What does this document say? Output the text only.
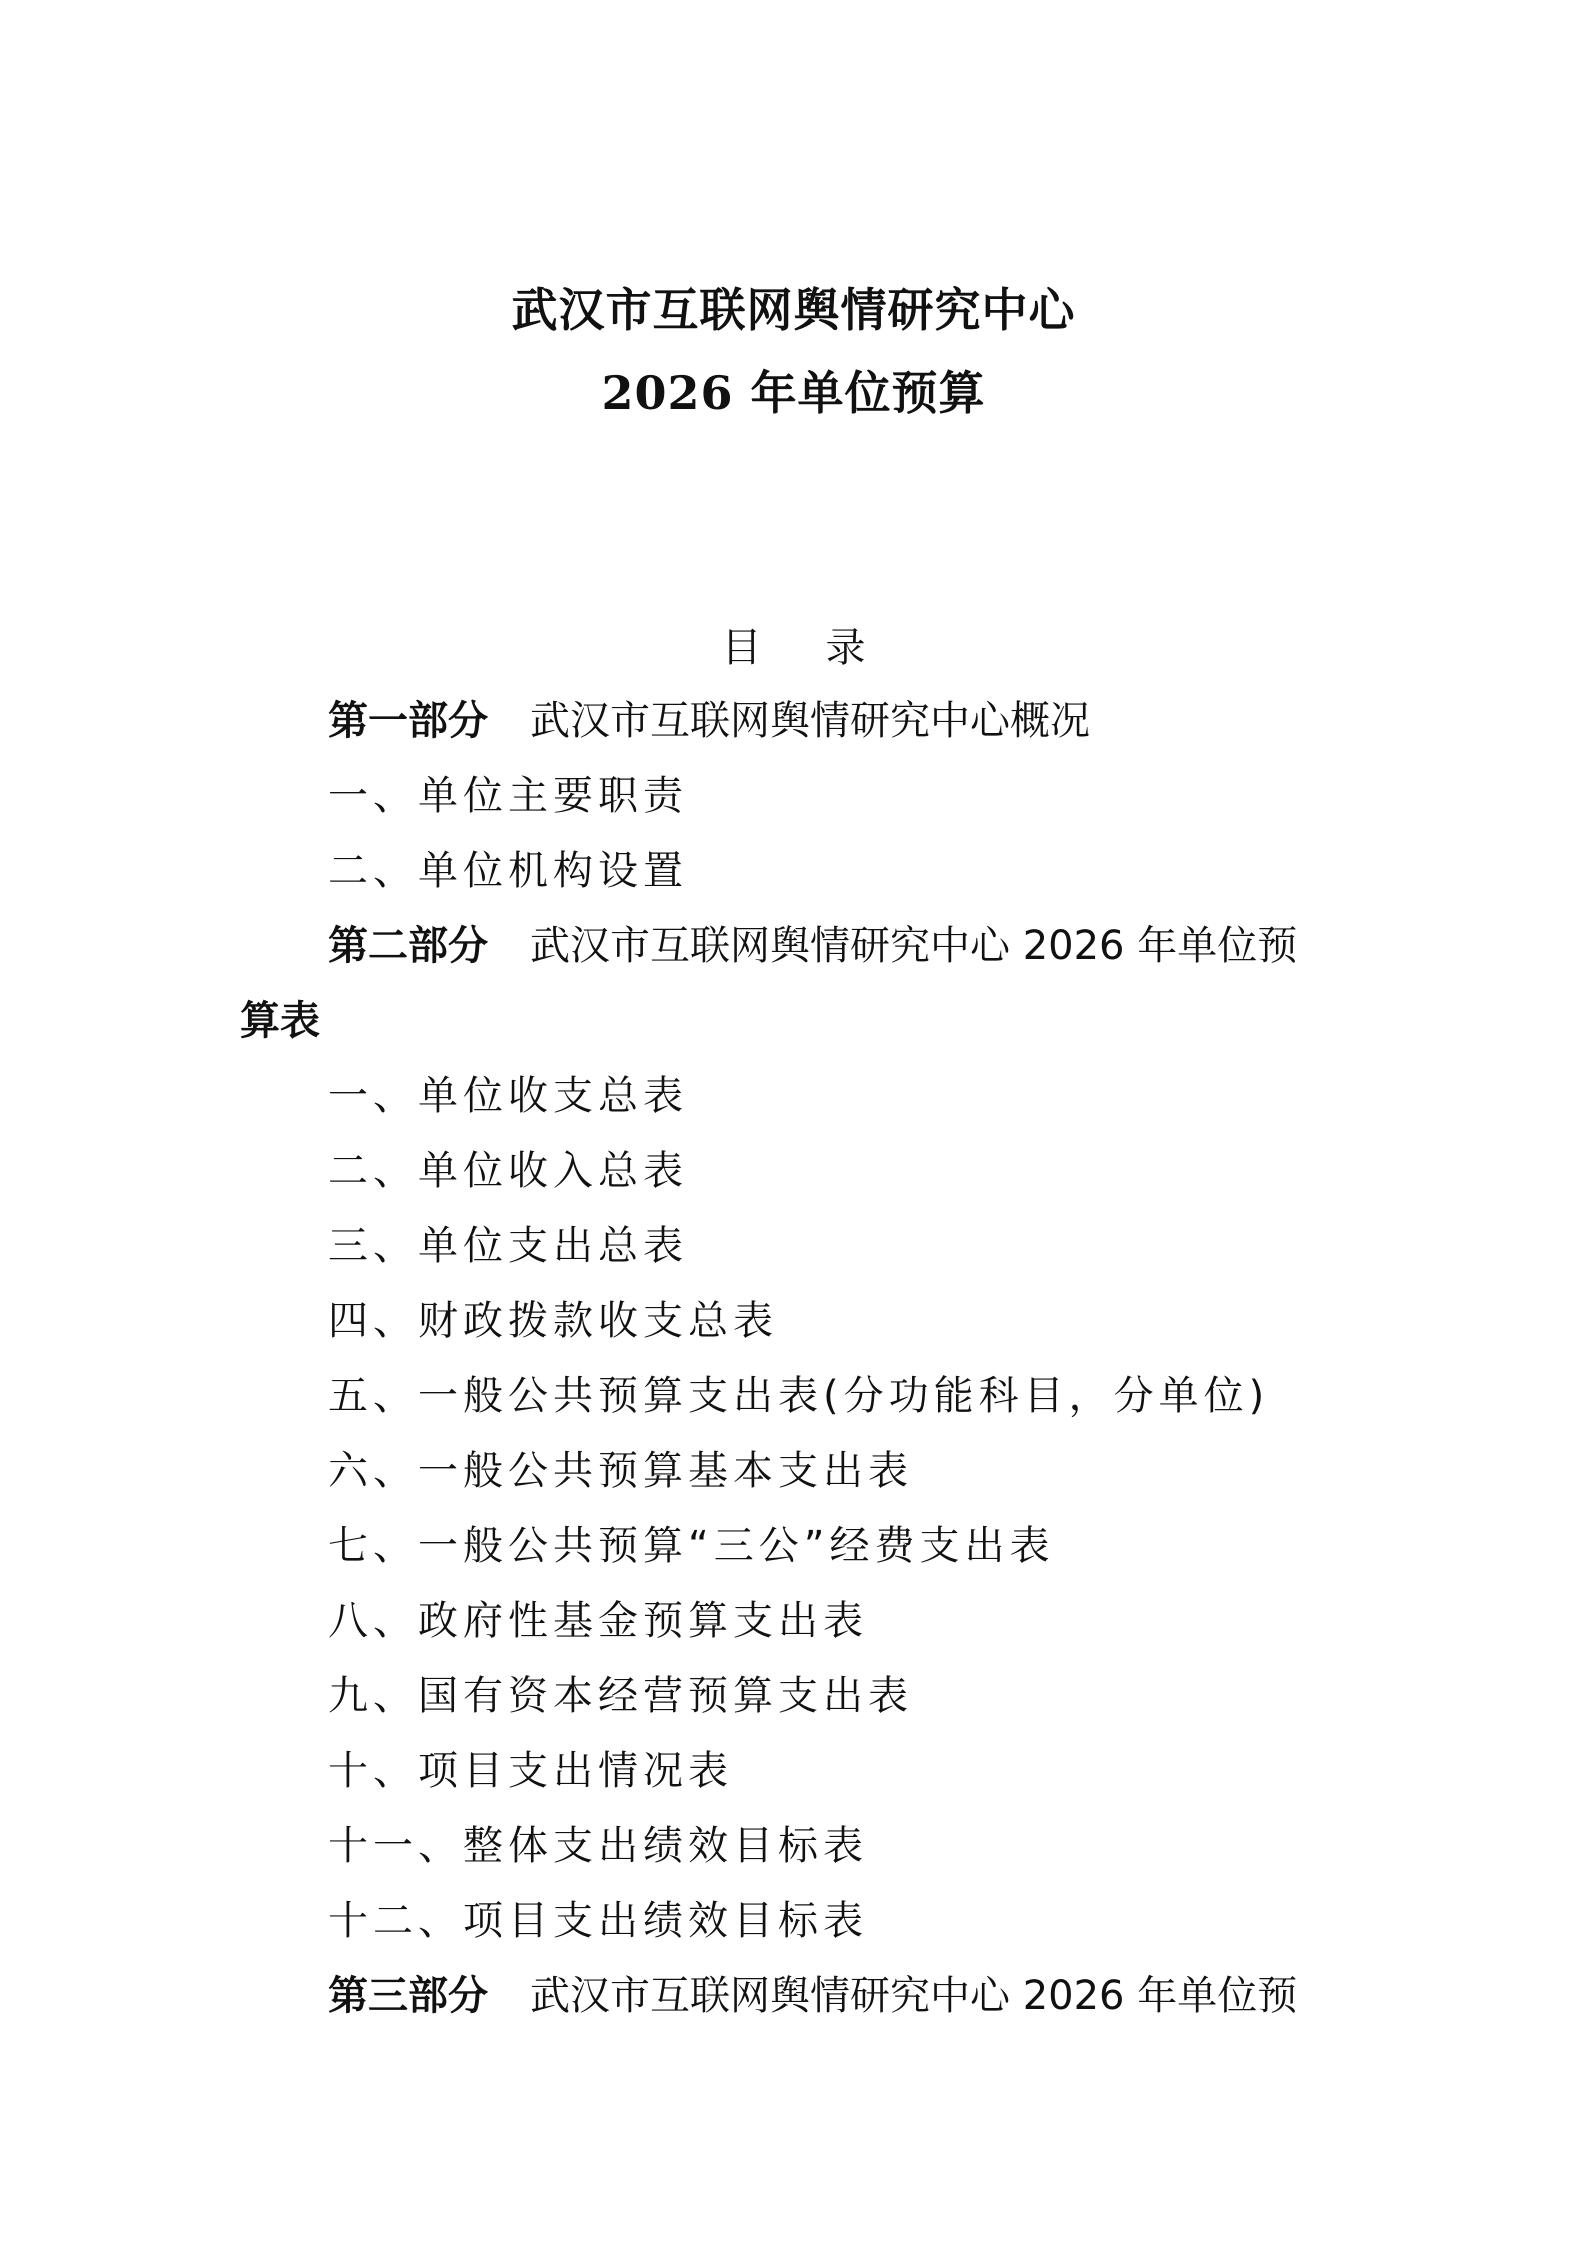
武汉市互联网舆情研究中心
2026 年单位预算
目 录
第一部分 武汉市互联网舆情研究中心概况
一、单位主要职责
二、单位机构设置
第二部分 武汉市互联网舆情研究中心 2026 年单位预
算表
一、单位收支总表
二、单位收入总表
三、单位支出总表
四、财政拨款收支总表
五、一般公共预算支出表(分功能科目，分单位)
六、一般公共预算基本支出表
七、一般公共预算“三公”经费支出表
八、政府性基金预算支出表
九、国有资本经营预算支出表
十、项目支出情况表
十一、整体支出绩效目标表
十二、项目支出绩效目标表
第三部分 武汉市互联网舆情研究中心 2026 年单位预
